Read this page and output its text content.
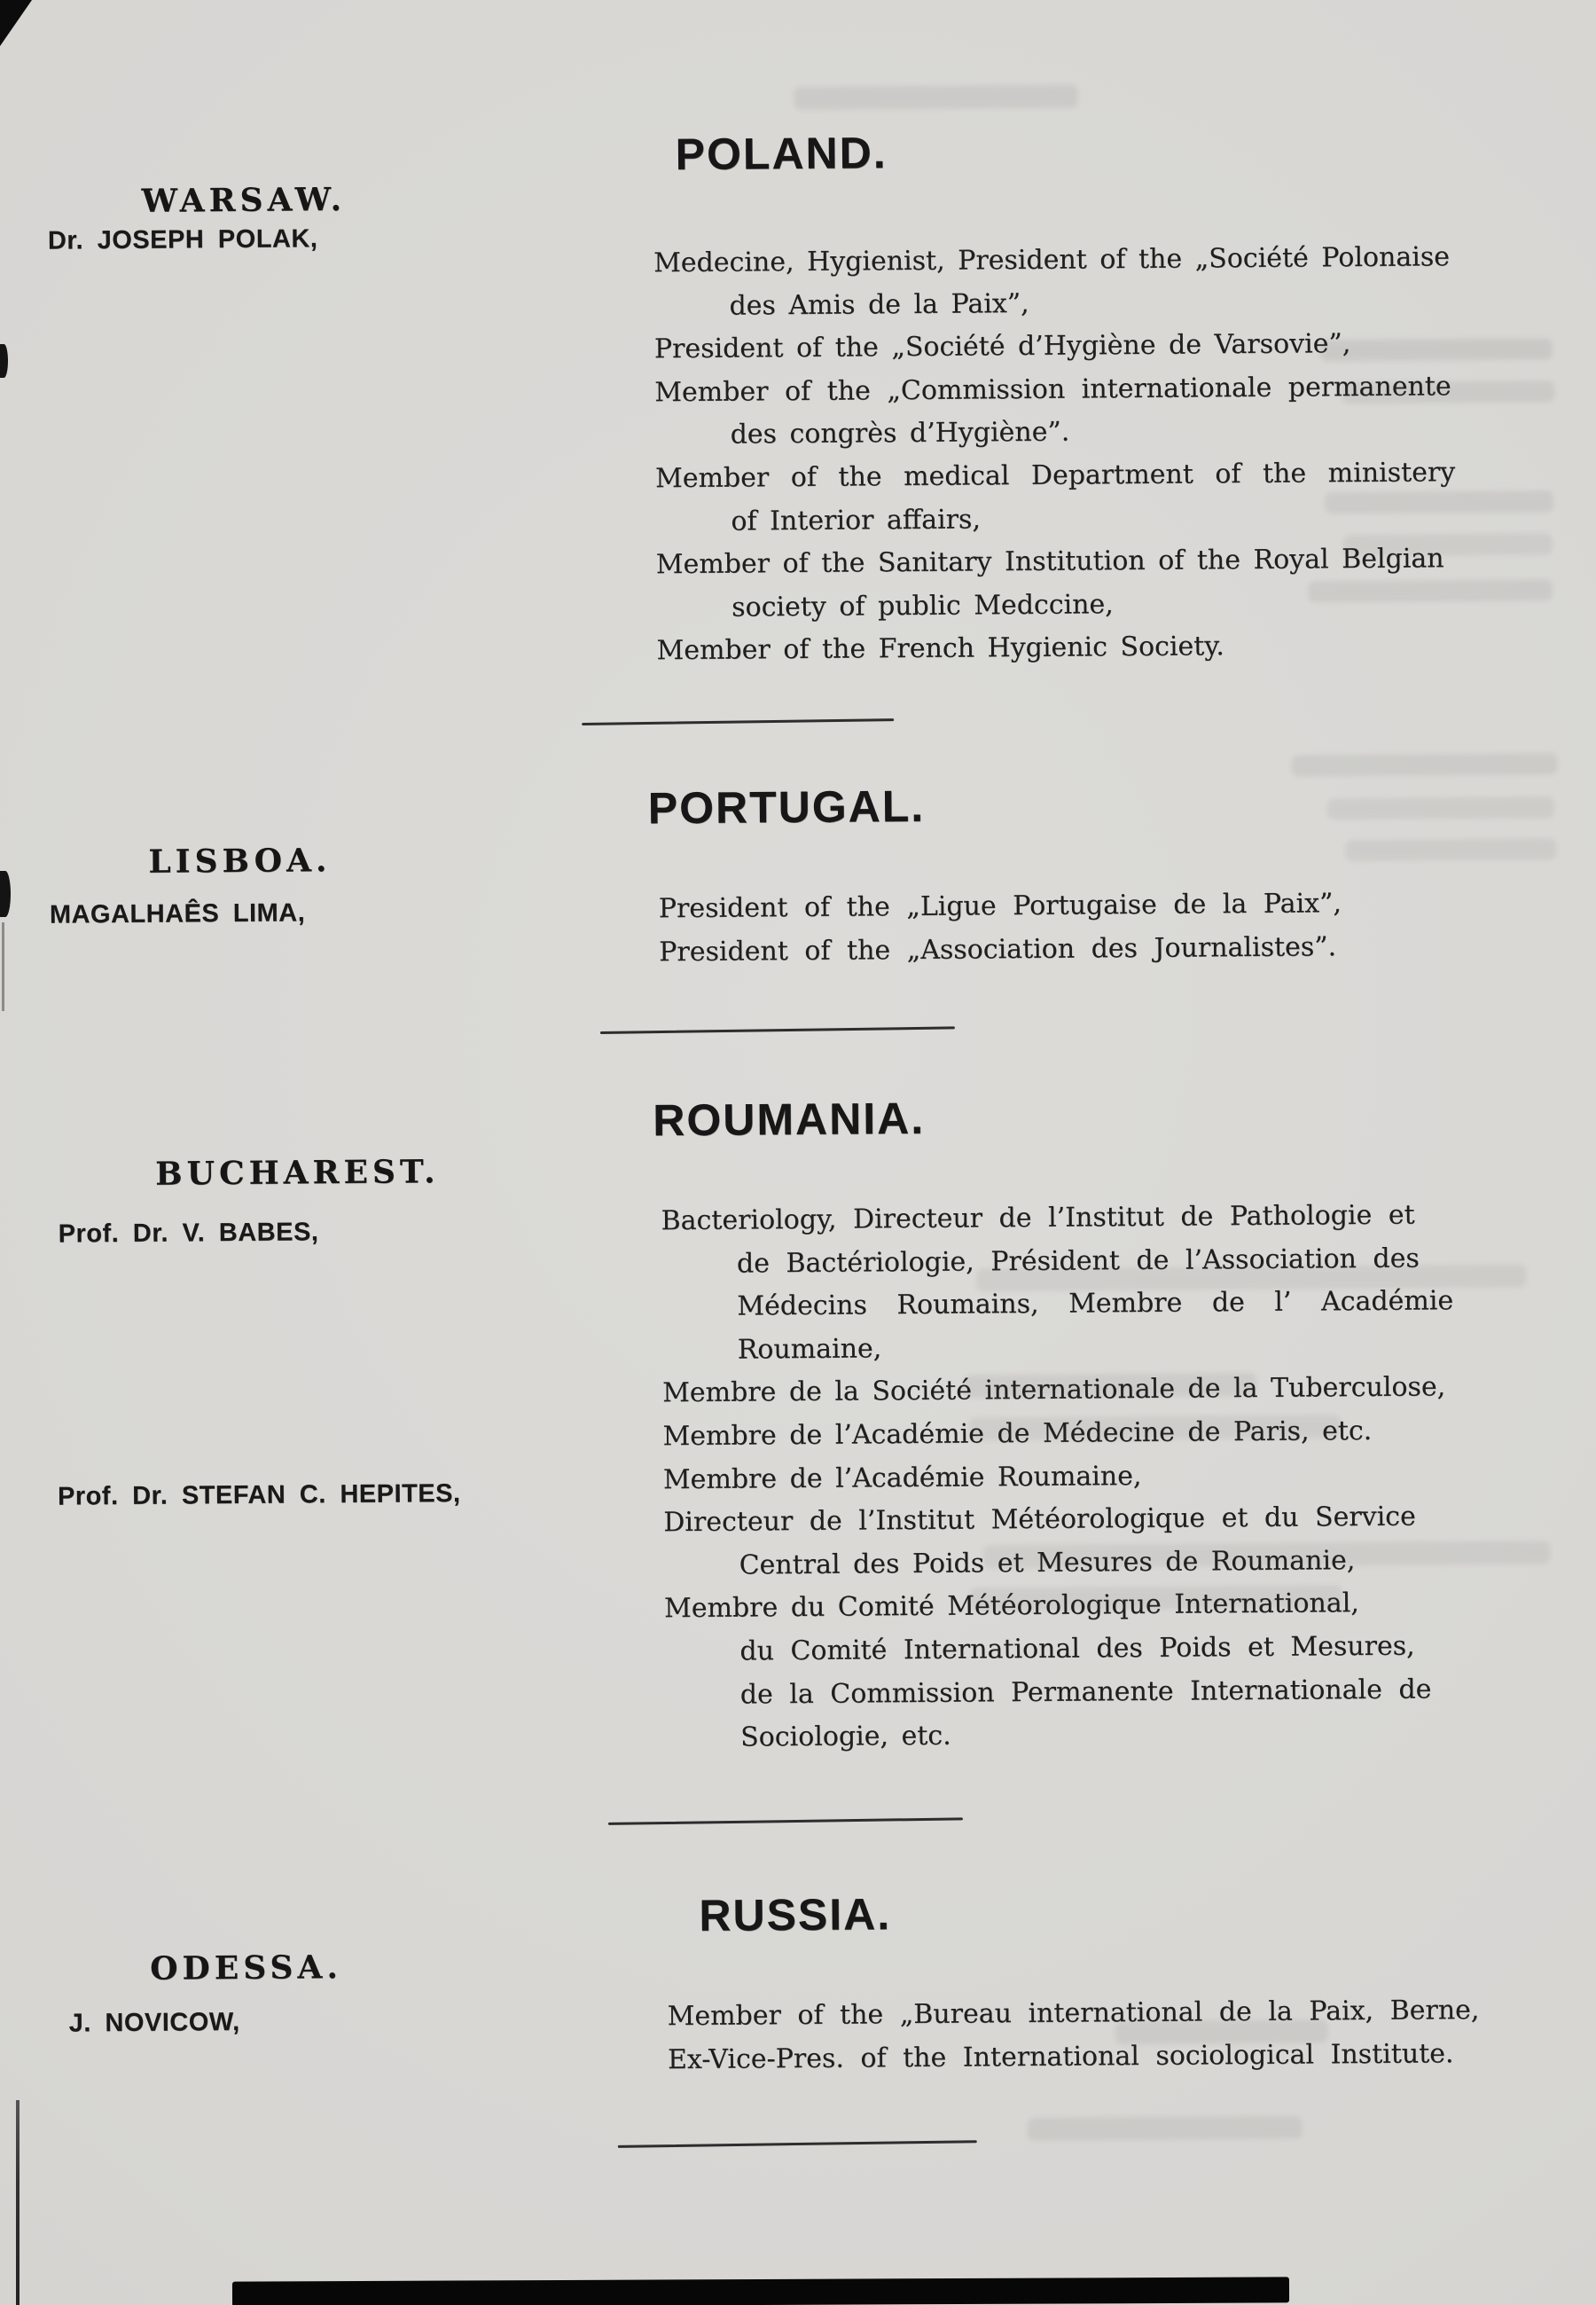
POLAND.
WARSAW.
Dr. JOSEPH POLAK,
Medecine, Hygienist, President of the „Société Polonaise
des Amis de la Paix”,
President of the „Société d’Hygiène de Varsovie”,
Member of the „Commission internationale permanente
des congrès d’Hygiène”.
Member of the medical Department of the ministery
of Interior affairs,
Member of the Sanitary Institution of the Royal Belgian
society of public Medccine,
Member of the French Hygienic Society.
PORTUGAL.
LISBOA.
MAGALHAÊS LIMA,	President of the „Ligue Portugaise de la Paix”,
President of the „Association des Journalistes”.
ROUMANIA.
BUCHAREST.
Prof. Dr. V. BABES,
Prof. Dr. STEFAN C. HEPITES,
Bacteriology, Directeur de l’Institut de Pathologie et
de Bactériologie, Président de l’Association des
Médecins Roumains, Membre de l’ Académie
Roumaine,
Membre de la Société internationale de la Tuberculose,
Membre de l’Académie de Médecine de Paris, etc.
Membre de l’Académie Roumaine,
Directeur de l’Institut Météorologique et du Service
Central des Poids et Mesures de Roumanie,
Membre du Comité Météorologique International,
du Comité International des Poids et Mesures,
de la Commission Permanente Internationale de
Sociologie, etc.
RUSSIA.
ODESSA.
J. NOVICOW,	Member of the „Bureau international de la Paix, Berne,
Ex-Vice-Pres. of the International sociological Institute.
